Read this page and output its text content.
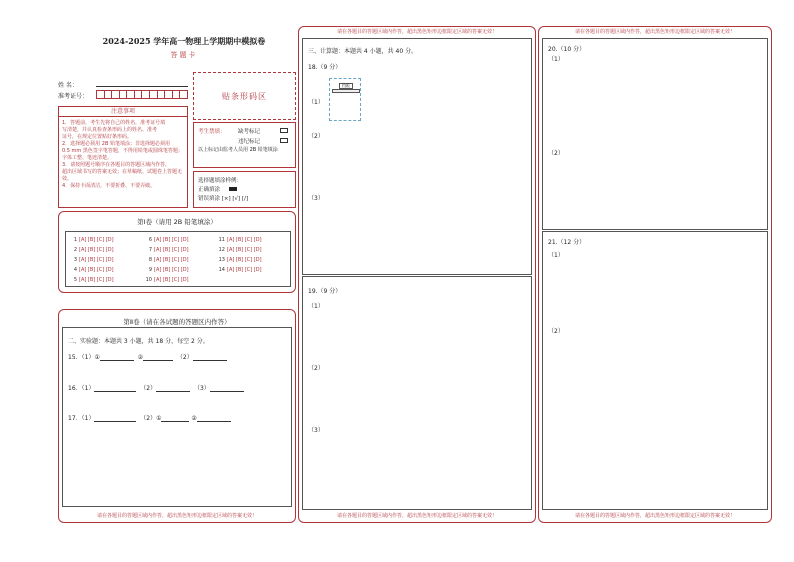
2024-2025 学年高一物理上学期期中模拟卷
答题卡
姓 名：
准考证号：
注意事项
1．答题前，考生先将自己的姓名，准考证号填
写清楚，并认真检查条形码上的姓名、准考
证号，在规定位置贴好条形码。
2．选择题必须用 2B 铅笔填涂；非选择题必须用
0.5 mm 黑色签字笔答题，不得用铅笔或圆珠笔答题；字体工整、笔迹清楚。
3．请按照题号顺序在各题目的答题区域内作答，
超出区域书写的答案无效；在草稿纸、试题卷上答题无效。
4．保持卡面清洁，不要折叠、不要弄破。
贴条形码区
考生禁填： 缺考标记
违纪标记
以上标记由监考人员用 2B 铅笔填涂
选择题填涂样例：
正确填涂
错误填涂 [×] [√] [/]
第Ⅰ卷（请用 2B 铅笔填涂）
1 [A] [B] [C] [D]
2 [A] [B] [C] [D]
3 [A] [B] [C] [D]
4 [A] [B] [C] [D]
5 [A] [B] [C] [D]
6 [A] [B] [C] [D]
7 [A] [B] [C] [D]
8 [A] [B] [C] [D]
9 [A] [B] [C] [D]
10 [A] [B] [C] [D]
11 [A] [B] [C] [D]
12 [A] [B] [C] [D]
13 [A] [B] [C] [D]
14 [A] [B] [C] [D]
第Ⅱ卷（请在各试题的答题区内作答）
二、实验题：本题共 3 小题，共 18 分，每空 2 分。
15．（1）①	②	（2）
16．（1）	（2）	（3）
17．（1）	（2）①	②
请在各题目的答题区域内作答，超出黑色矩形边框限定区域的答案无效！
请在各题目的答题区域内作答，超出黑色矩形边框限定区域的答案无效！
三、计算题：本题共 4 小题，共 40 分。
18.（9 分）
挡板
（1）
（2）
（3）
19.（9 分）
（1）
（2）
（3）
请在各题目的答题区域内作答，超出黑色矩形边框限定区域的答案无效！
请在各题目的答题区域内作答，超出黑色矩形边框限定区域的答案无效！
20.（10 分）
（1）
（2）
21.（12 分）
（1）
（2）
请在各题目的答题区域内作答，超出黑色矩形边框限定区域的答案无效！
